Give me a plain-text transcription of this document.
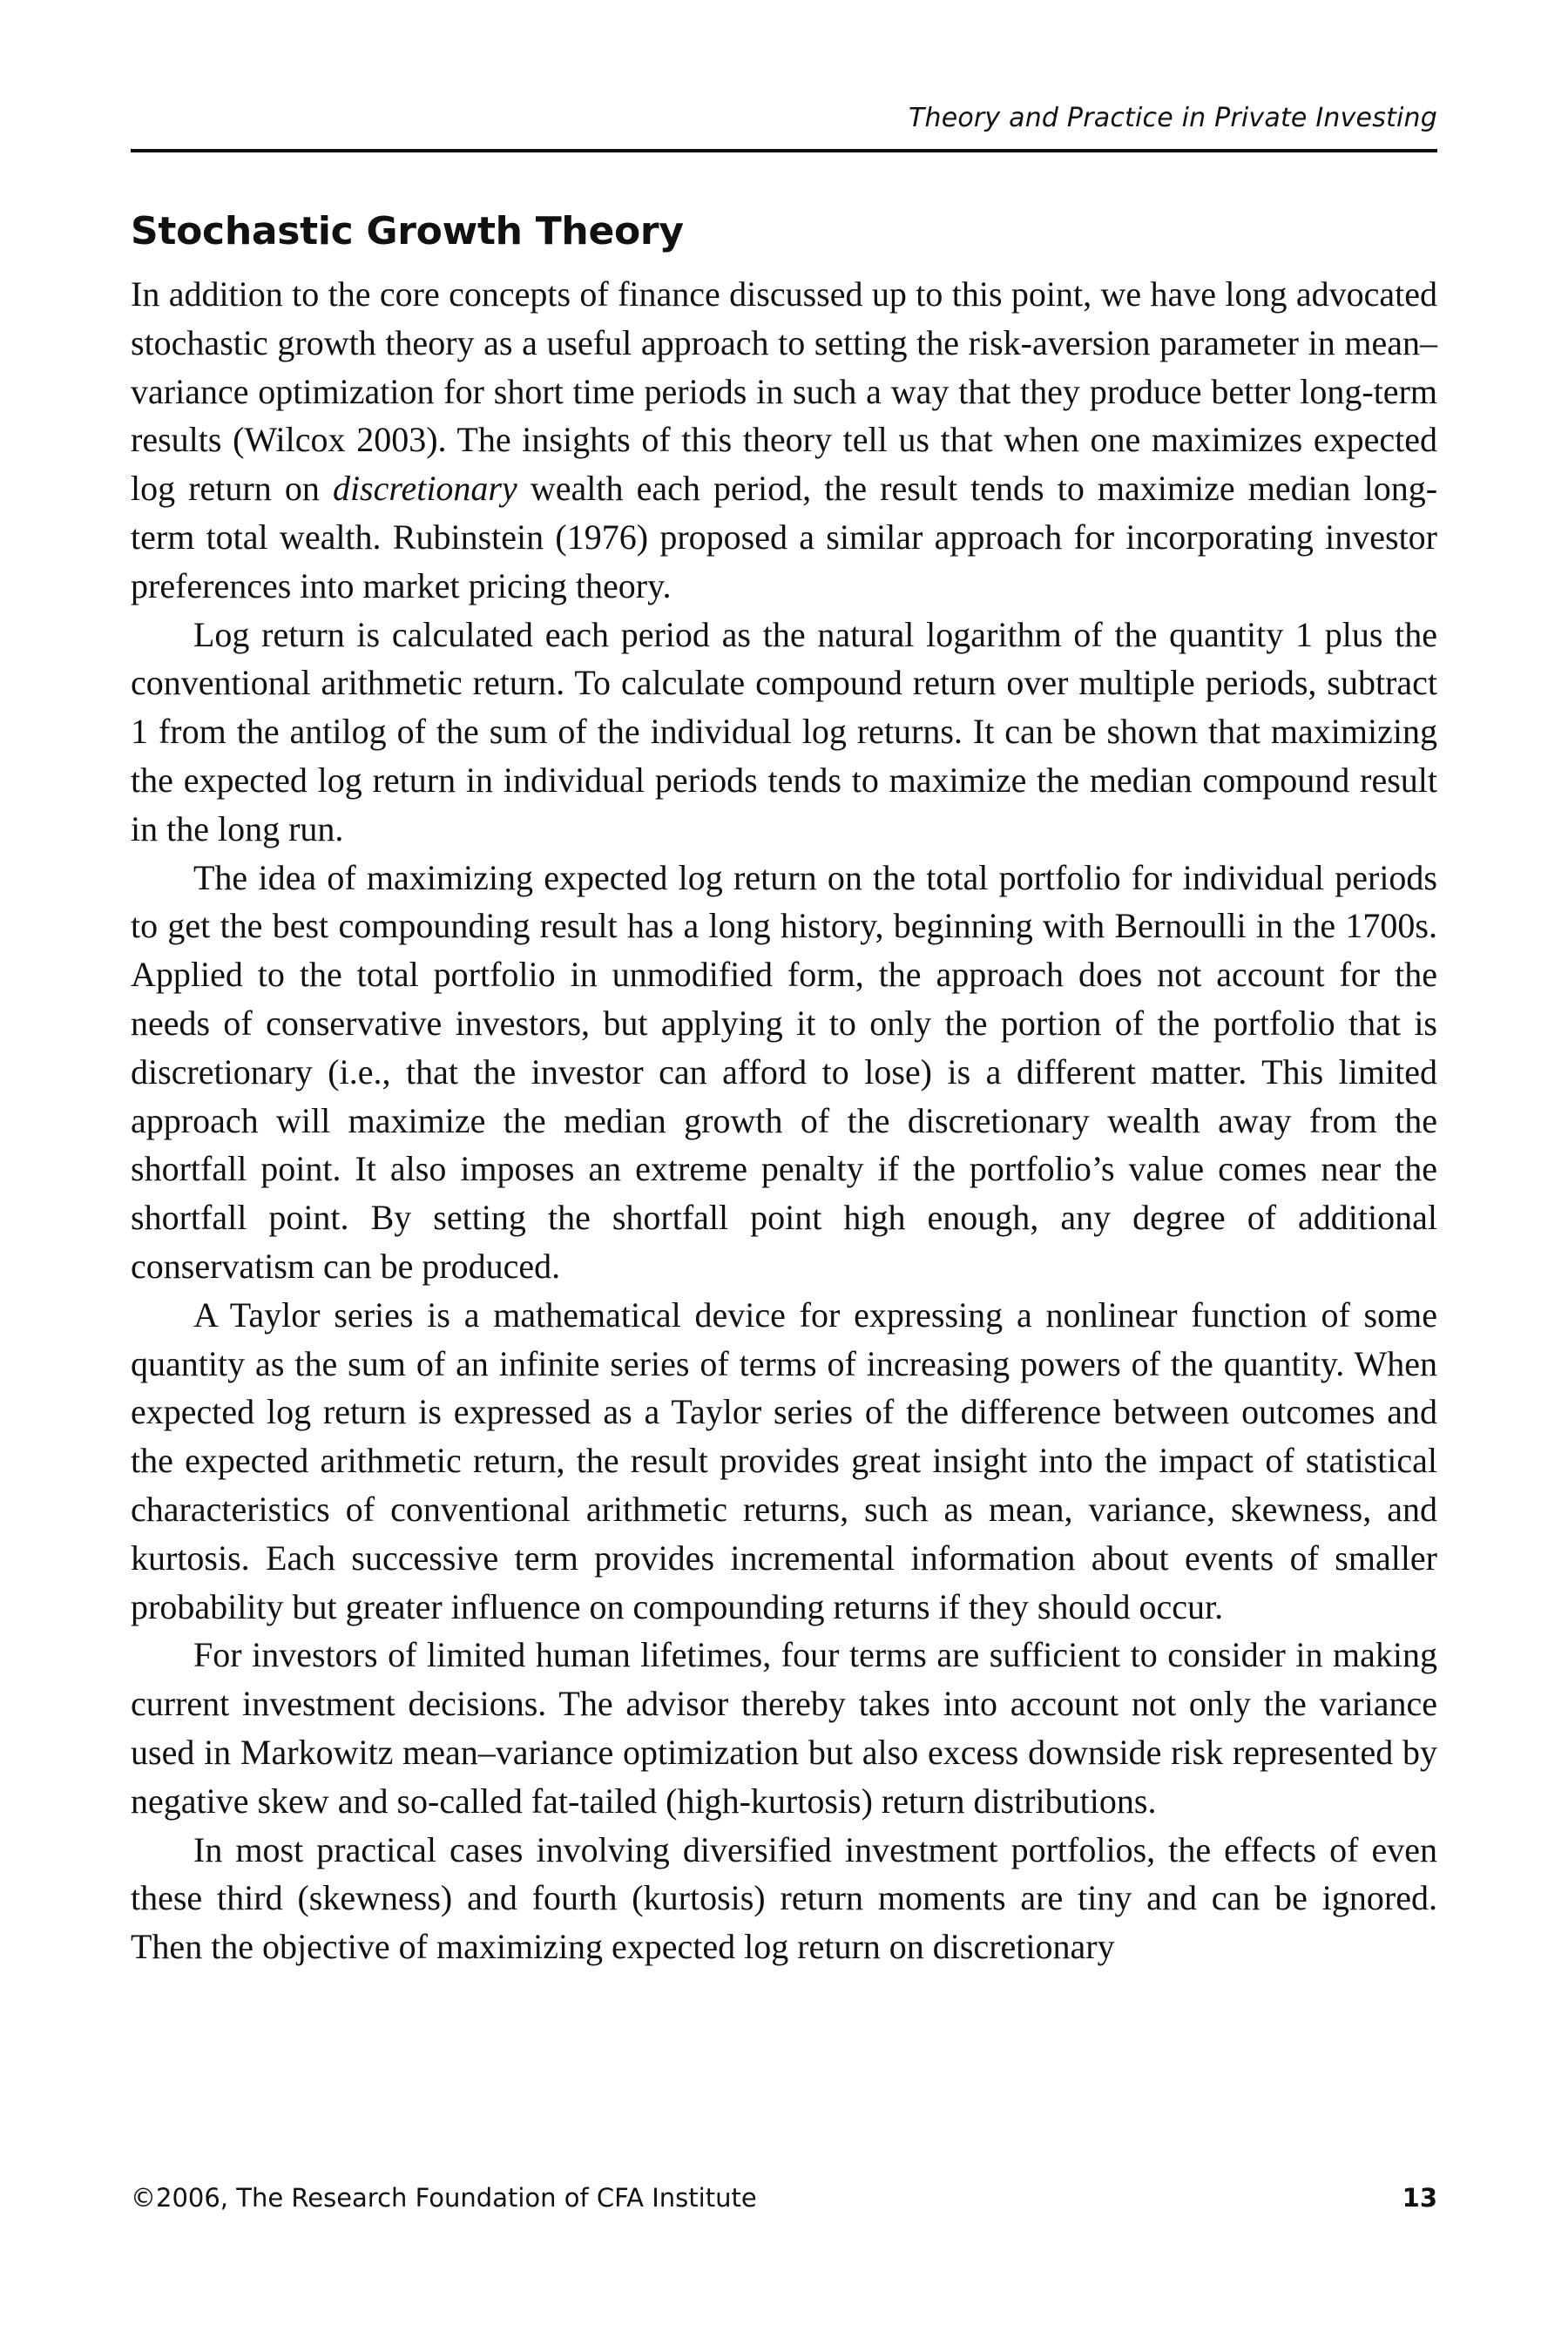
Theory and Practice in Private Investing
Stochastic Growth Theory

In addition to the core concepts of finance discussed up to this point, we have long advocated stochastic growth theory as a useful approach to setting the risk-aversion parameter in mean–variance optimization for short time periods in such a way that they produce better long-term results (Wilcox 2003). The insights of this theory tell us that when one maximizes expected log return on discretionary wealth each period, the result tends to maximize median long-term total wealth. Rubinstein (1976) proposed a similar approach for incorporating investor preferences into market pricing theory.

Log return is calculated each period as the natural logarithm of the quantity 1 plus the conventional arithmetic return. To calculate compound return over multiple periods, subtract 1 from the antilog of the sum of the individual log returns. It can be shown that maximizing the expected log return in individual periods tends to maximize the median compound result in the long run.

The idea of maximizing expected log return on the total portfolio for individual periods to get the best compounding result has a long history, beginning with Bernoulli in the 1700s. Applied to the total portfolio in unmodified form, the approach does not account for the needs of conservative investors, but applying it to only the portion of the portfolio that is discretionary (i.e., that the investor can afford to lose) is a different matter. This limited approach will maximize the median growth of the discretionary wealth away from the shortfall point. It also imposes an extreme penalty if the portfolio’s value comes near the shortfall point. By setting the shortfall point high enough, any degree of additional conservatism can be produced.

A Taylor series is a mathematical device for expressing a nonlinear function of some quantity as the sum of an infinite series of terms of increasing powers of the quantity. When expected log return is expressed as a Taylor series of the difference between outcomes and the expected arithmetic return, the result provides great insight into the impact of statistical characteristics of conventional arithmetic returns, such as mean, variance, skewness, and kurtosis. Each successive term provides incremental information about events of smaller probability but greater influence on compounding returns if they should occur.

For investors of limited human lifetimes, four terms are sufficient to consider in making current investment decisions. The advisor thereby takes into account not only the variance used in Markowitz mean–variance optimization but also excess downside risk represented by negative skew and so-called fat-tailed (high-kurtosis) return distributions.

In most practical cases involving diversified investment portfolios, the effects of even these third (skewness) and fourth (kurtosis) return moments are tiny and can be ignored. Then the objective of maximizing expected log return on discretionary

©2006, The Research Foundation of CFA Institute	13
